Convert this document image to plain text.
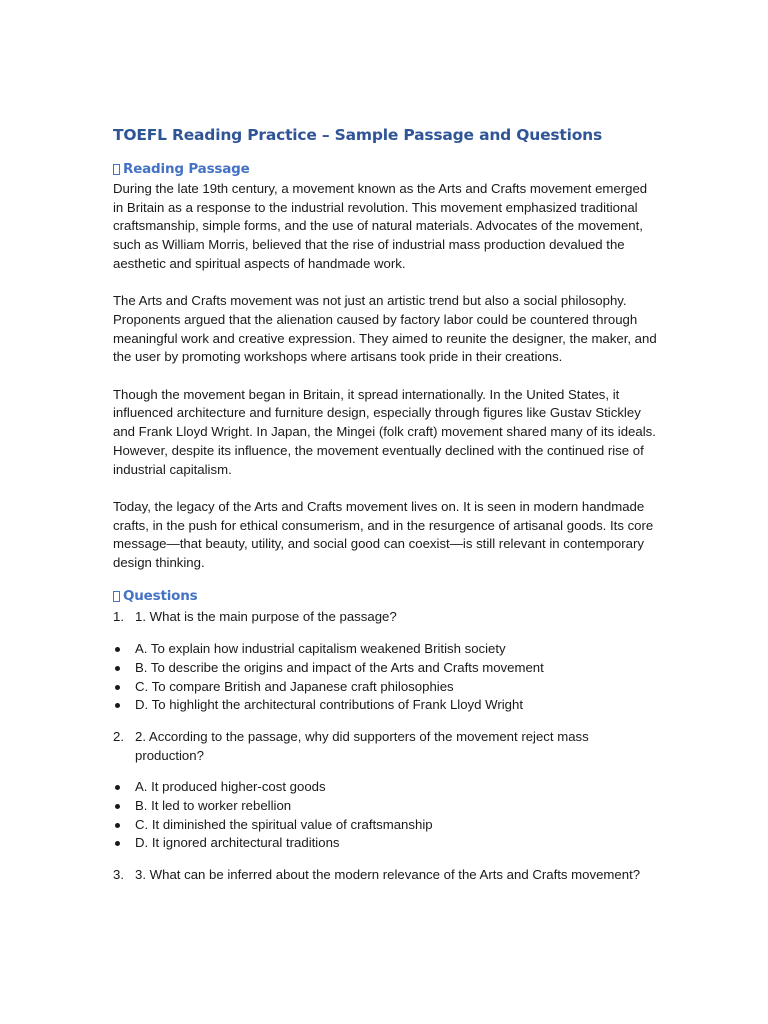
TOEFL Reading Practice – Sample Passage and Questions
Reading Passage

During the late 19th century, a movement known as the Arts and Crafts movement emerged in Britain as a response to the industrial revolution. This movement emphasized traditional craftsmanship, simple forms, and the use of natural materials. Advocates of the movement, such as William Morris, believed that the rise of industrial mass production devalued the aesthetic and spiritual aspects of handmade work.

The Arts and Crafts movement was not just an artistic trend but also a social philosophy. Proponents argued that the alienation caused by factory labor could be countered through meaningful work and creative expression. They aimed to reunite the designer, the maker, and the user by promoting workshops where artisans took pride in their creations.

Though the movement began in Britain, it spread internationally. In the United States, it influenced architecture and furniture design, especially through figures like Gustav Stickley and Frank Lloyd Wright. In Japan, the Mingei (folk craft) movement shared many of its ideals. However, despite its influence, the movement eventually declined with the continued rise of industrial capitalism.

Today, the legacy of the Arts and Crafts movement lives on. It is seen in modern handmade crafts, in the push for ethical consumerism, and in the resurgence of artisanal goods. Its core message—that beauty, utility, and social good can coexist—is still relevant in contemporary design thinking.

Questions
1. 1. What is the main purpose of the passage?
A. To explain how industrial capitalism weakened British society
B. To describe the origins and impact of the Arts and Crafts movement
C. To compare British and Japanese craft philosophies
D. To highlight the architectural contributions of Frank Lloyd Wright
2. 2. According to the passage, why did supporters of the movement reject mass production?
A. It produced higher-cost goods
B. It led to worker rebellion
C. It diminished the spiritual value of craftsmanship
D. It ignored architectural traditions
3. 3. What can be inferred about the modern relevance of the Arts and Crafts movement?
